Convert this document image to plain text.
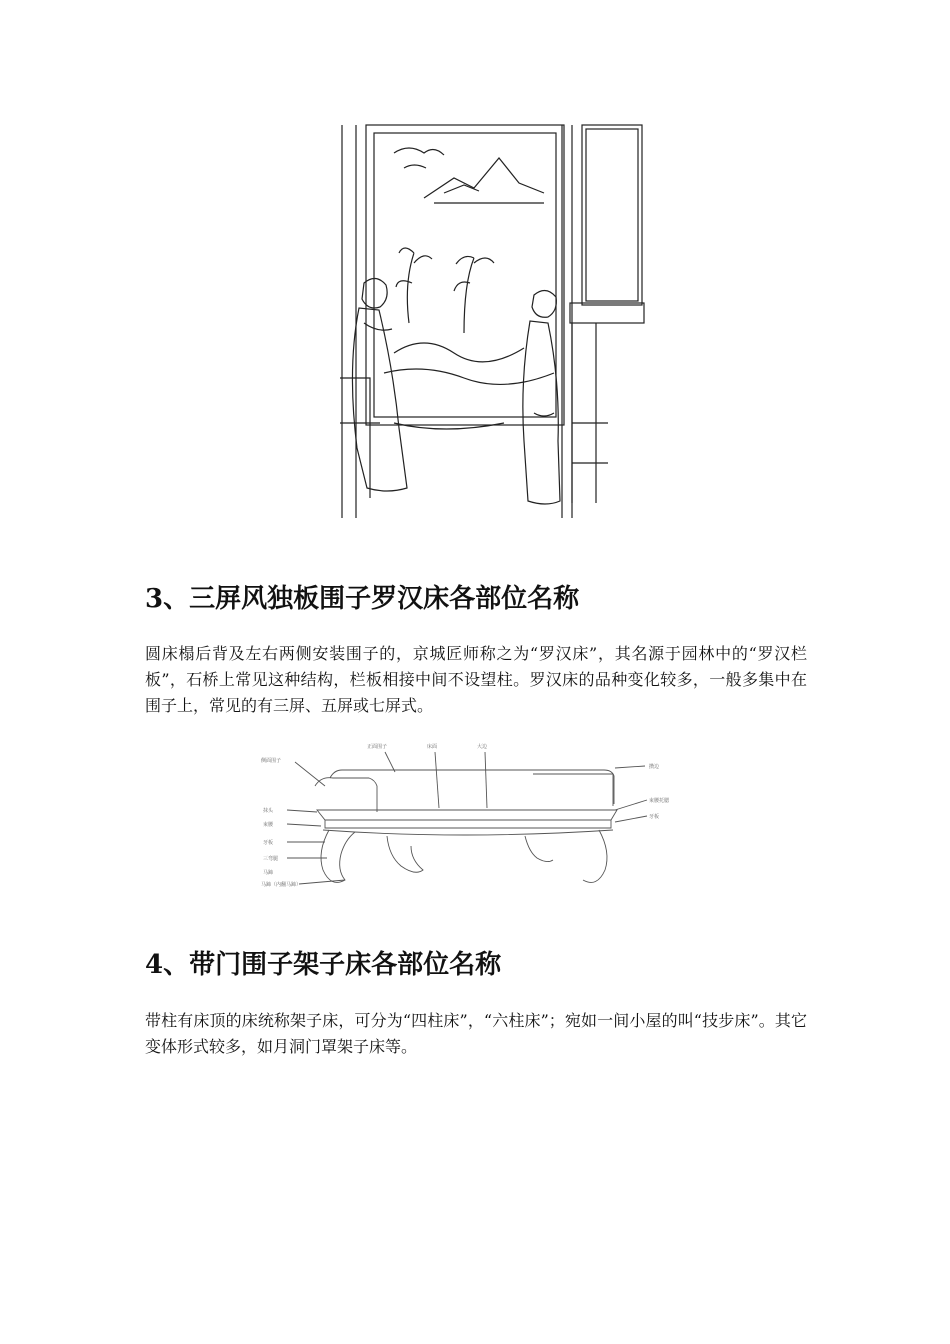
3、三屏风独板围子罗汉床各部位名称

圆床榻后背及左右两侧安装围子的，京城匠师称之为“罗汉床”，其名源于园林中的“罗汉栏板”，石桥上常见这种结构，栏板相接中间不设望柱。罗汉床的品种变化较多，一般多集中在围子上，常见的有三屏、五屏或七屏式。

正面围子	床面	大边
侧面围子
攒边
束腰托腮
牙板
抹头
束腰
牙板
三弯腿
马蹄（内翻马蹄）
马蹄
4、带门围子架子床各部位名称

带柱有床顶的床统称架子床，可分为“四柱床”，“六柱床”；宛如一间小屋的叫“技步床”。其它变体形式较多，如月洞门罩架子床等。
